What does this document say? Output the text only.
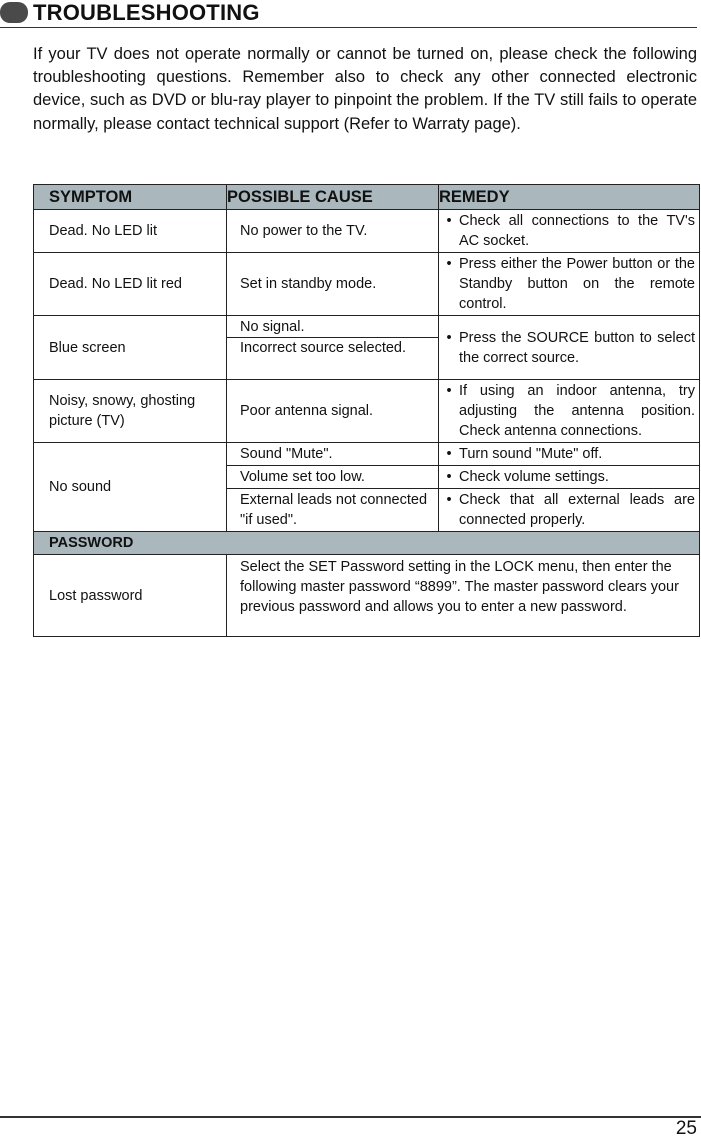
TROUBLESHOOTING

If your TV does not operate normally or cannot be turned on, please check the following troubleshooting questions. Remember also to check any other connected electronic device, such as DVD or blu-ray player to pinpoint the problem. If the TV still fails to operate normally, please contact technical support (Refer to Warraty page).

SYMPTOM	POSSIBLE CAUSE	REMEDY
Dead. No LED lit	No power to the TV.	• Check all connections to the TV's AC socket.

Dead. No LED lit red	Set in standby mode.	• Press either the Power button or the Standby button on the remote control.

Blue screen	No signal.	• Press the SOURCE button to select the correct source.

	Incorrect source selected.	
Noisy, snowy, ghosting picture (TV)	Poor antenna signal.	• If using an indoor antenna, try adjusting the antenna position. Check antenna connections.

No sound	Sound "Mute".	• Turn sound "Mute" off.

	Volume set too low.	• Check volume settings.

	External leads not connected "if used".	• Check that all external leads are connected properly.

PASSWORD		
Lost password	Select the SET Password setting in the LOCK menu, then enter the following master password “8899”. The master password clears your previous password and allows you to enter a new password.	
25
